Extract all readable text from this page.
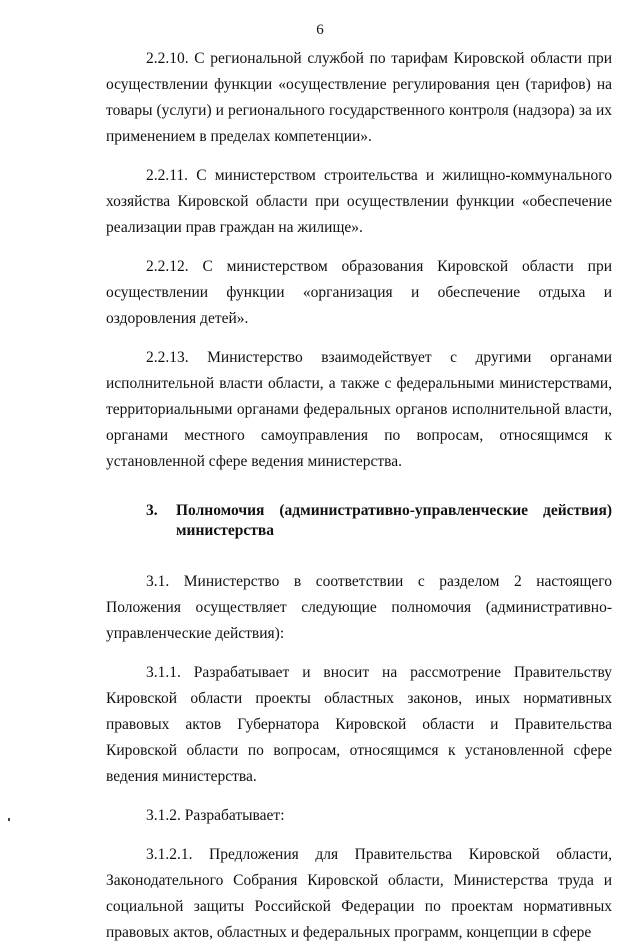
6

2.2.10. С региональной службой по тарифам Кировской области при осуществлении функции «осуществление регулирования цен (тарифов) на товары (услуги) и регионального государственного контроля (надзора) за их применением в пределах компетенции».

2.2.11. С министерством строительства и жилищно-коммунального хозяйства Кировской области при осуществлении функции «обеспечение реализации прав граждан на жилище».

2.2.12. С министерством образования Кировской области при осуществлении функции «организация и обеспечение отдыха и оздоровления детей».

2.2.13. Министерство взаимодействует с другими органами исполнительной власти области, а также с федеральными министерствами, территориальными органами федеральных органов исполнительной власти, органами местного самоуправления по вопросам, относящимся к установленной сфере ведения министерства.

3.	Полномочия (административно-управленческие действия) министерства

3.1. Министерство в соответствии с разделом 2 настоящего Положения осуществляет следующие полномочия (административно-управленческие действия):

3.1.1. Разрабатывает и вносит на рассмотрение Правительству Кировской области проекты областных законов, иных нормативных правовых актов Губернатора Кировской области и Правительства Кировской области по вопросам, относящимся к установленной сфере ведения министерства.

3.1.2. Разрабатывает:

3.1.2.1. Предложения для Правительства Кировской области, Законодательного Собрания Кировской области, Министерства труда и социальной защиты Российской Федерации по проектам нормативных правовых актов, областных и федеральных программ, концепции в сфере
